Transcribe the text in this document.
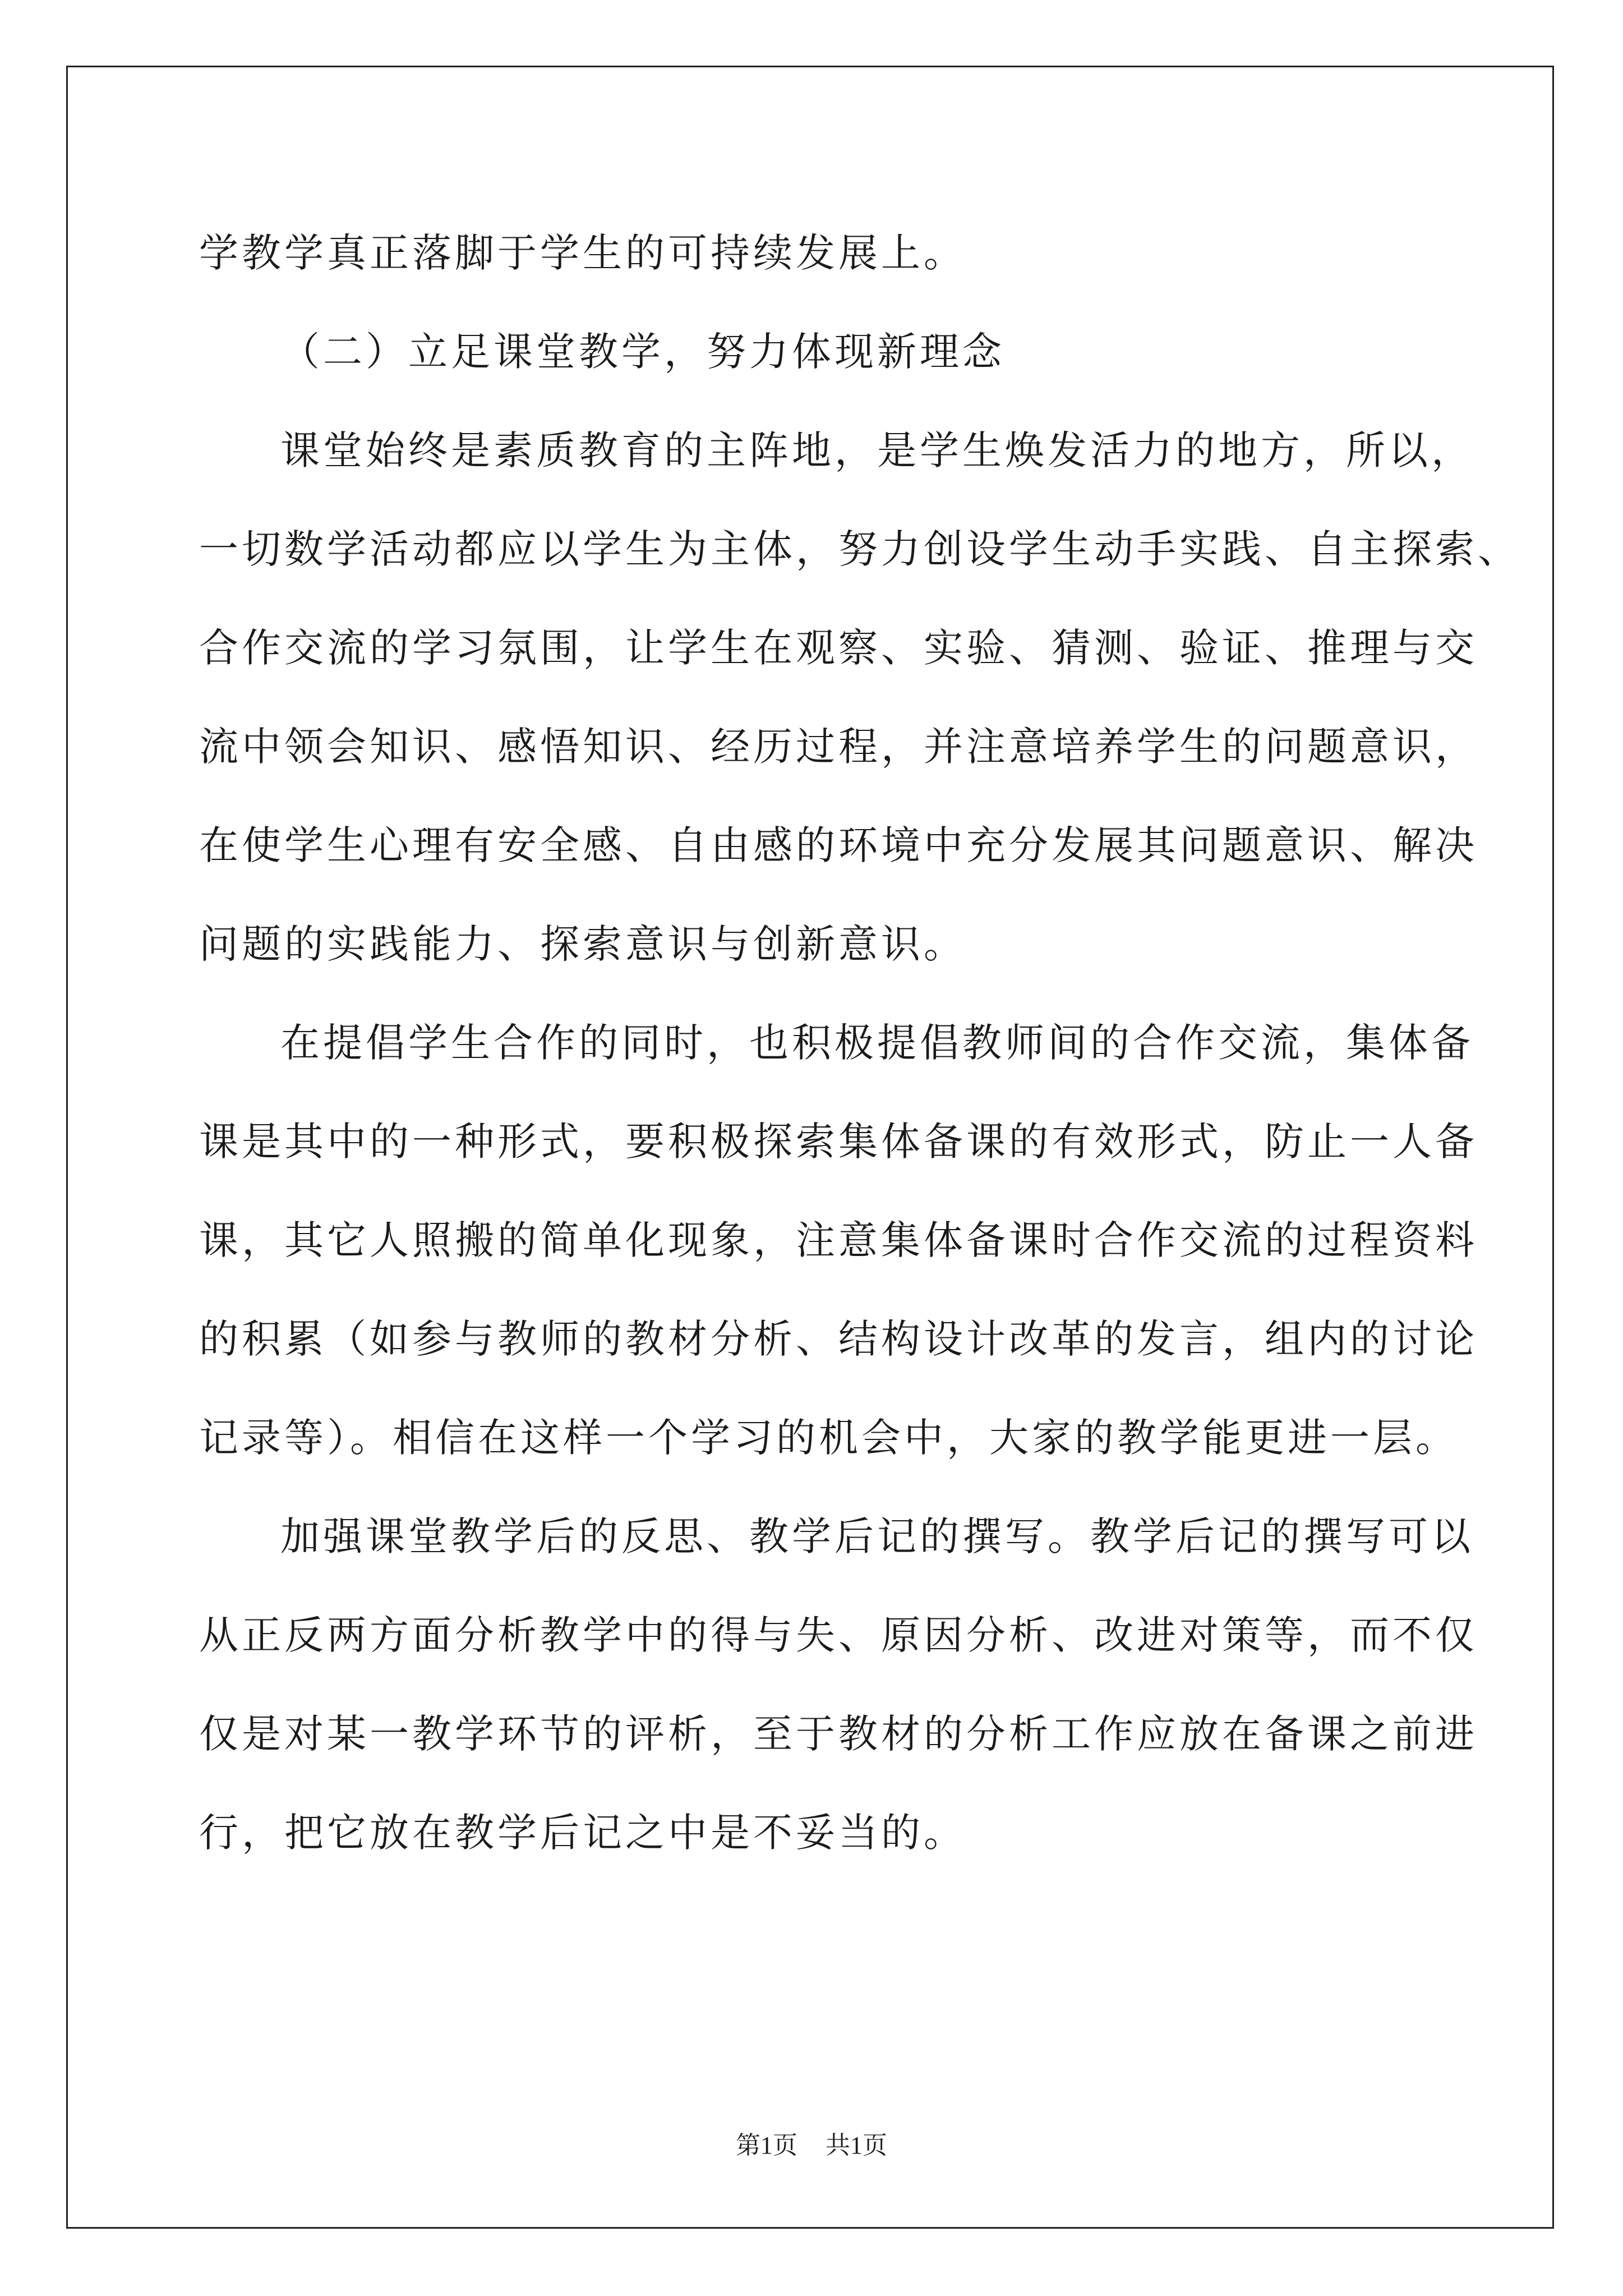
学教学真正落脚于学生的可持续发展上。
（二）立足课堂教学，努力体现新理念
课堂始终是素质教育的主阵地，是学生焕发活力的地方，所以，
一切数学活动都应以学生为主体，努力创设学生动手实践、自主探索、
合作交流的学习氛围，让学生在观察、实验、猜测、验证、推理与交
流中领会知识、感悟知识、经历过程，并注意培养学生的问题意识，
在使学生心理有安全感、自由感的环境中充分发展其问题意识、解决
问题的实践能力、探索意识与创新意识。
在提倡学生合作的同时，也积极提倡教师间的合作交流，集体备
课是其中的一种形式，要积极探索集体备课的有效形式，防止一人备
课，其它人照搬的简单化现象，注意集体备课时合作交流的过程资料
的积累（如参与教师的教材分析、结构设计改革的发言，组内的讨论
记录等）。相信在这样一个学习的机会中，大家的教学能更进一层。
加强课堂教学后的反思、教学后记的撰写。教学后记的撰写可以
从正反两方面分析教学中的得与失、原因分析、改进对策等，而不仅
仅是对某一教学环节的评析，至于教材的分析工作应放在备课之前进
行，把它放在教学后记之中是不妥当的。
第1页 共1页
